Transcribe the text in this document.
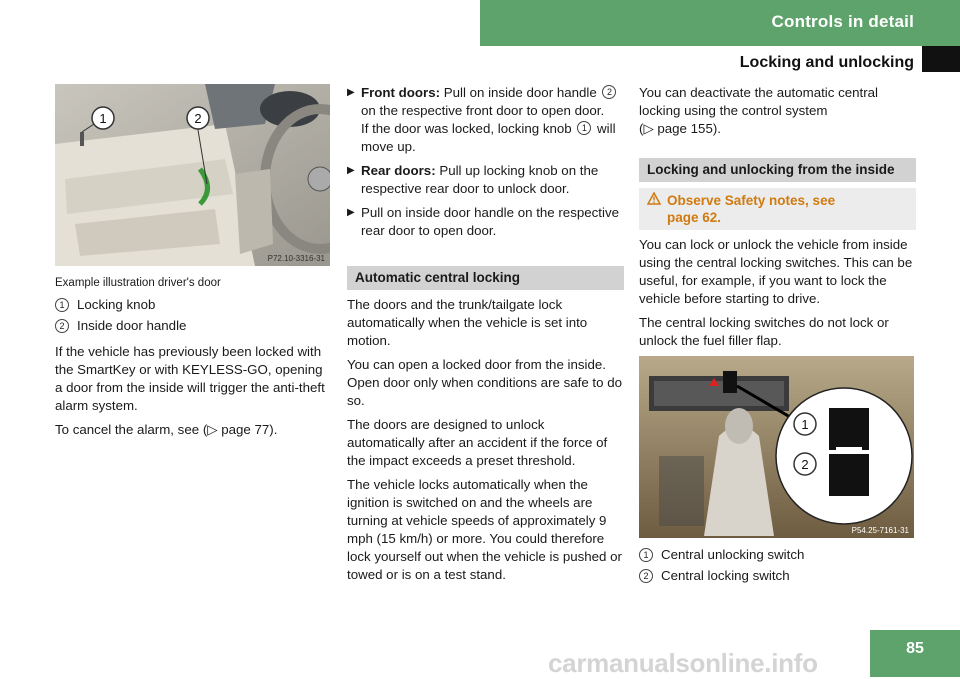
Controls in detail
Locking and unlocking
1	2
P72.10-3316-31

Example illustration driver's door

1 Locking knob
2 Inside door handle

If the vehicle has previously been locked with the SmartKey or with KEYLESS-GO, opening a door from the inside will trigger the anti-theft alarm system.

To cancel the alarm, see (▷ page 77).

▶ Front doors: Pull on inside door handle 2 on the respective front door to open door.
If the door was locked, locking knob 1 will move up.
▶ Rear doors: Pull up locking knob on the respective rear door to unlock door.
▶ Pull on inside door handle on the respective rear door to open door.
Automatic central locking

The doors and the trunk/tailgate lock automatically when the vehicle is set into motion.

You can open a locked door from the inside. Open door only when conditions are safe to do so.

The doors are designed to unlock automatically after an accident if the force of the impact exceeds a preset threshold.

The vehicle locks automatically when the ignition is switched on and the wheels are turning at vehicle speeds of approximately 9 mph (15 km/h) or more. You could therefore lock yourself out when the vehicle is pushed or towed or is on a test stand.

You can deactivate the automatic central locking using the control system
(▷ page 155).

Locking and unlocking from the inside
Observe Safety notes, see
page 62.

You can lock or unlock the vehicle from inside using the central locking switches. This can be useful, for example, if you want to lock the vehicle before starting to drive.

The central locking switches do not lock or unlock the fuel filler flap.

1
2
P54.25-7161-31
1 Central unlocking switch
2 Central locking switch
carmanualsonline.info	85
